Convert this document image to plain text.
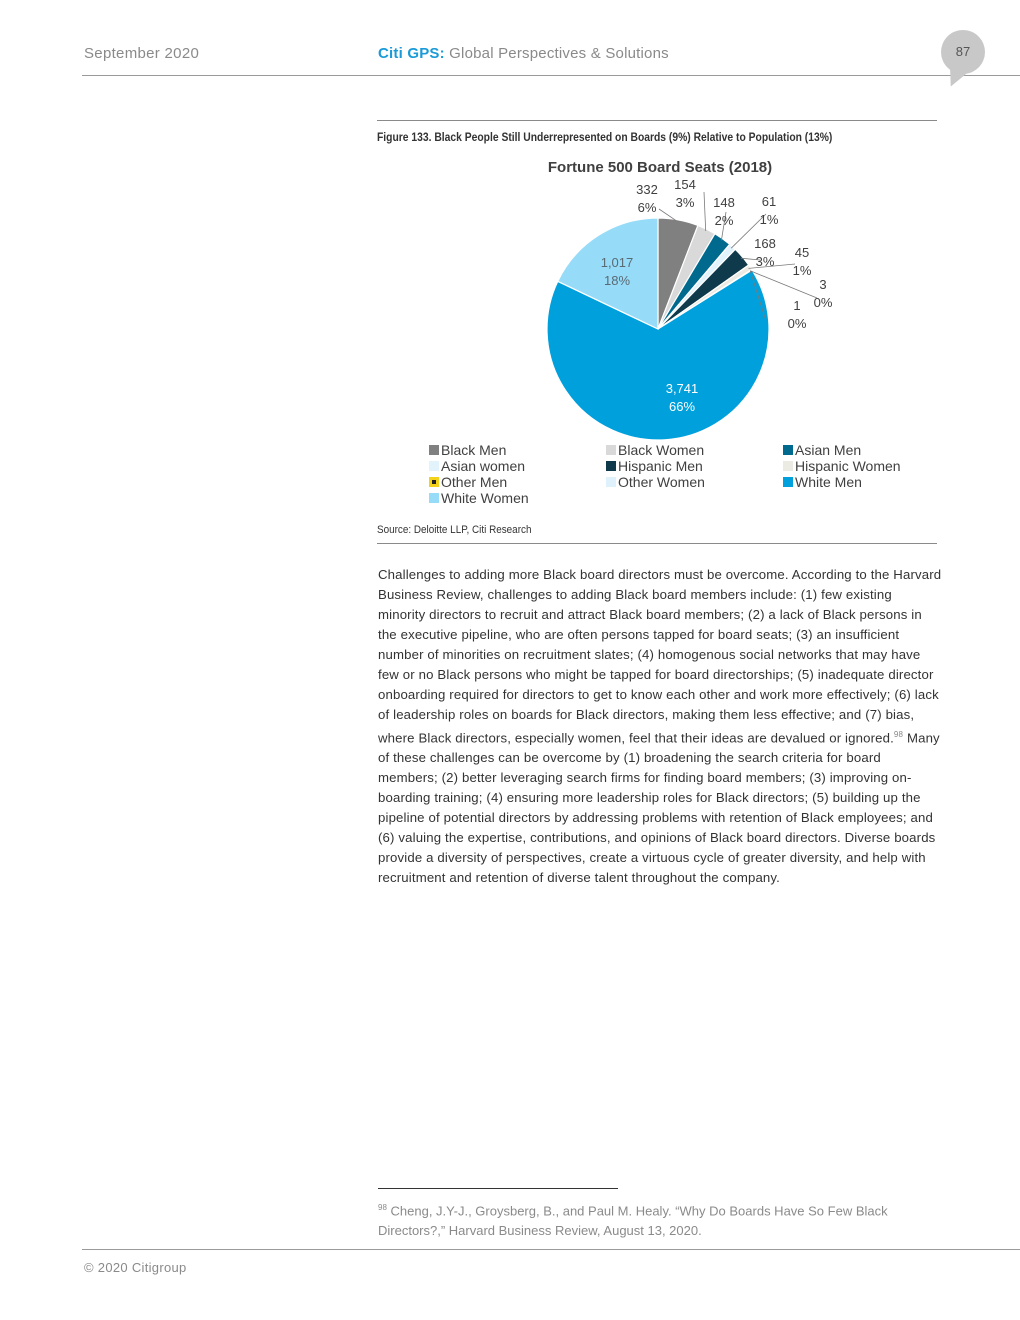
September 2020	Citi GPS: Global Perspectives & Solutions	87
Figure 133. Black People Still Underrepresented on Boards (9%) Relative to Population (13%)
Fortune 500 Board Seats (2018)
332
6%
154
3% 148
2%
61
1%
168
3%
45
1%
3
0%
1
0%
3,741
66%
1,017
18%
Black Men	Black Women	Asian Men
Asian women	Hispanic Men	Hispanic Women
Other Men	Other Women	White Men
White Women
Source: Deloitte LLP, Citi Research
Challenges to adding more Black board directors must be overcome. According to the Harvard Business Review, challenges to adding Black board members include: (1) few existing minority directors to recruit and attract Black board members; (2) a lack of Black persons in the executive pipeline, who are often persons tapped for board seats; (3) an insufficient number of minorities on recruitment slates; (4) homogenous social networks that may have few or no Black persons who might be tapped for board directorships; (5) inadequate director onboarding required for directors to get to know each other and work more effectively; (6) lack of leadership roles on boards for Black directors, making them less effective; and (7) bias, where Black directors, especially women, feel that their ideas are devalued or ignored.$^{98}$ Many of these challenges can be overcome by (1) broadening the search criteria for board members; (2) better leveraging search firms for finding board members; (3) improving on-boarding training; (4) ensuring more leadership roles for Black directors; (5) building up the pipeline of potential directors by addressing problems with retention of Black employees; and (6) valuing the expertise, contributions, and opinions of Black board directors. Diverse boards provide a diversity of perspectives, create a virtuous cycle of greater diversity, and help with recruitment and retention of diverse talent throughout the company.
$^{98}$ Cheng, J.Y-J., Groysberg, B., and Paul M. Healy. “Why Do Boards Have So Few Black Directors?,” Harvard Business Review, August 13, 2020.
© 2020 Citigroup
